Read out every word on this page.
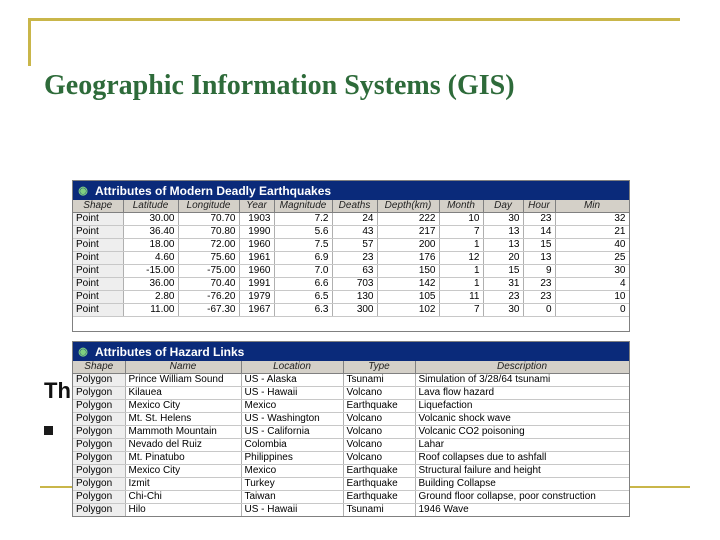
Geographic Information Systems (GIS)
Th
◉ Attributes of Modern Deadly Earthquakes
Shape	Latitude	Longitude	Year	Magnitude	Deaths	Depth(km)	Month	Day	Hour	Min
Point	30.00	70.70	1903	7.2	24	222	10	30	23	32
Point	36.40	70.80	1990	5.6	43	217	7	13	14	21
Point	18.00	72.00	1960	7.5	57	200	1	13	15	40
Point	4.60	75.60	1961	6.9	23	176	12	20	13	25
Point	-15.00	-75.00	1960	7.0	63	150	1	15	9	30
Point	36.00	70.40	1991	6.6	703	142	1	31	23	4
Point	2.80	-76.20	1979	6.5	130	105	11	23	23	10
Point	11.00	-67.30	1967	6.3	300	102	7	30	0	0
◉ Attributes of Hazard Links
Shape	Name	Location	Type	Description
Polygon	Prince William Sound	US - Alaska	Tsunami	Simulation of 3/28/64 tsunami
Polygon	Kilauea	US - Hawaii	Volcano	Lava flow hazard
Polygon	Mexico City	Mexico	Earthquake	Liquefaction
Polygon	Mt. St. Helens	US - Washington	Volcano	Volcanic shock wave
Polygon	Mammoth Mountain	US - California	Volcano	Volcanic CO2 poisoning
Polygon	Nevado del Ruiz	Colombia	Volcano	Lahar
Polygon	Mt. Pinatubo	Philippines	Volcano	Roof collapses due to ashfall
Polygon	Mexico City	Mexico	Earthquake	Structural failure and height
Polygon	Izmit	Turkey	Earthquake	Building Collapse
Polygon	Chi-Chi	Taiwan	Earthquake	Ground floor collapse, poor construction
Polygon	Hilo	US - Hawaii	Tsunami	1946 Wave
